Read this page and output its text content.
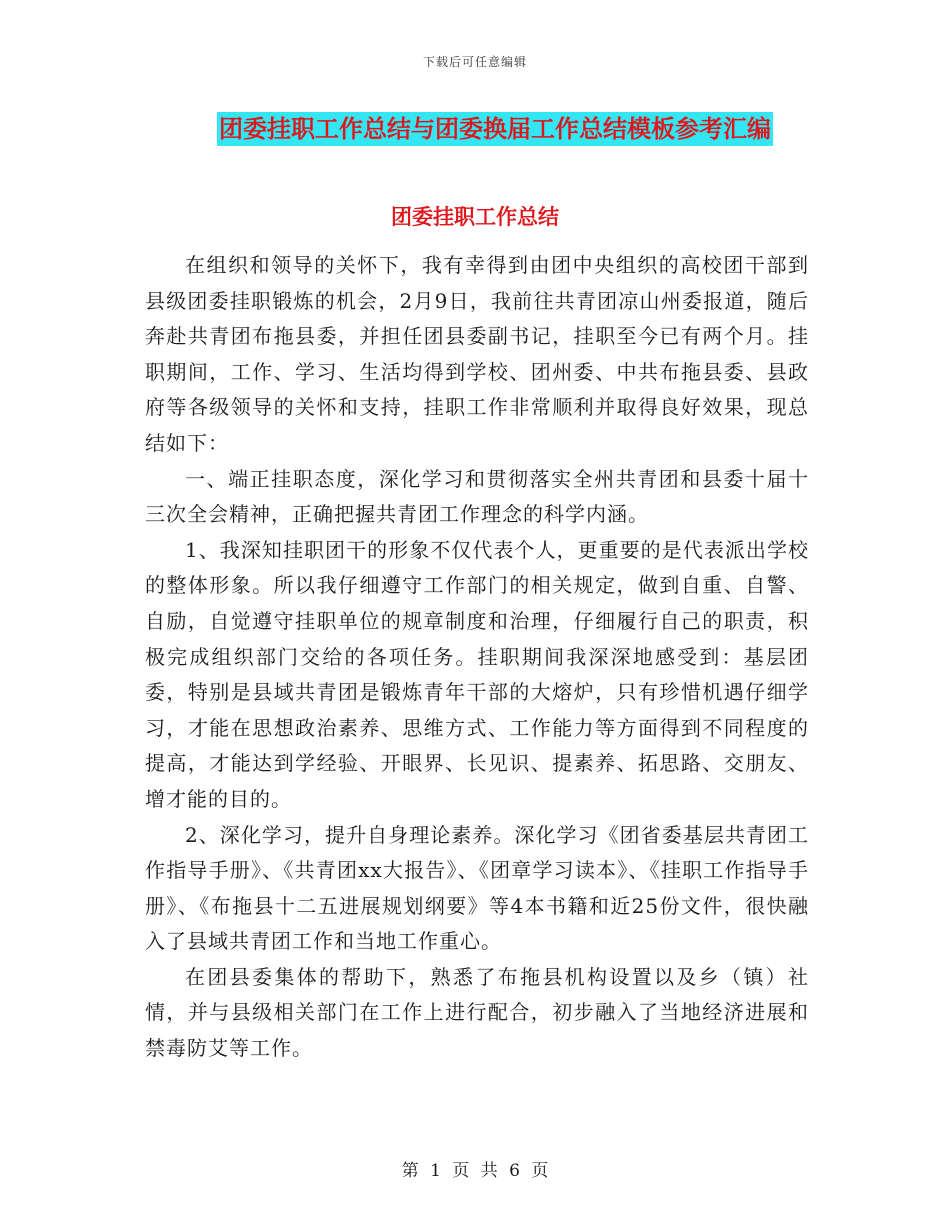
下载后可任意编辑
团委挂职工作总结与团委换届工作总结模板参考汇编
团委挂职工作总结

在组织和领导的关怀下，我有幸得到由团中央组织的高校团干部到县级团委挂职锻炼的机会，2月9日，我前往共青团凉山州委报道，随后奔赴共青团布拖县委，并担任团县委副书记，挂职至今已有两个月。挂职期间，工作、学习、生活均得到学校、团州委、中共布拖县委、县政府等各级领导的关怀和支持，挂职工作非常顺利并取得良好效果，现总结如下：

一、端正挂职态度，深化学习和贯彻落实全州共青团和县委十届十三次全会精神，正确把握共青团工作理念的科学内涵。

1、我深知挂职团干的形象不仅代表个人，更重要的是代表派出学校的整体形象。所以我仔细遵守工作部门的相关规定，做到自重、自警、自励，自觉遵守挂职单位的规章制度和治理，仔细履行自己的职责，积极完成组织部门交给的各项任务。挂职期间我深深地感受到：基层团委，特别是县域共青团是锻炼青年干部的大熔炉，只有珍惜机遇仔细学习，才能在思想政治素养、思维方式、工作能力等方面得到不同程度的提高，才能达到学经验、开眼界、长见识、提素养、拓思路、交朋友、增才能的目的。

2、深化学习，提升自身理论素养。深化学习《团省委基层共青团工作指导手册》、《共青团xx大报告》、《团章学习读本》、《挂职工作指导手册》、《布拖县十二五进展规划纲要》等4本书籍和近25份文件，很快融入了县域共青团工作和当地工作重心。

在团县委集体的帮助下，熟悉了布拖县机构设置以及乡（镇）社情，并与县级相关部门在工作上进行配合，初步融入了当地经济进展和禁毒防艾等工作。

第 1 页 共 6 页
